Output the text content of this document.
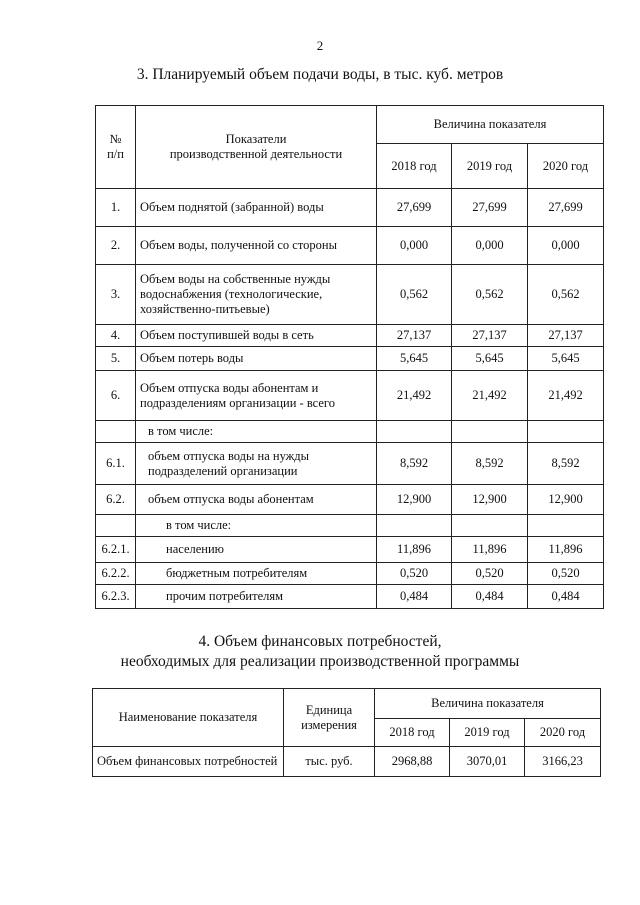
2
3. Планируемый объем подачи воды, в тыс. куб. метров
№
п/п	Показатели
производственной деятельности	Величина показателя		
		2018 год	2019 год	2020 год
1.	Объем поднятой (забранной) воды	27,699	27,699	27,699
2.	Объем воды, полученной со стороны	0,000	0,000	0,000
3.	Объем воды на собственные нужды водоснабжения (технологические, хозяйственно-питьевые)	0,562	0,562	0,562
4.	Объем поступившей воды в сеть	27,137	27,137	27,137
5.	Объем потерь воды	5,645	5,645	5,645
6.	Объем отпуска воды абонентам и подразделениям организации - всего	21,492	21,492	21,492
	в том числе:			
6.1.	объем отпуска воды на нужды подразделений организации	8,592	8,592	8,592
6.2.	объем отпуска воды абонентам	12,900	12,900	12,900
	в том числе:			
6.2.1.	населению	11,896	11,896	11,896
6.2.2.	бюджетным потребителям	0,520	0,520	0,520
6.2.3.	прочим потребителям	0,484	0,484	0,484
4. Объем финансовых потребностей,
необходимых для реализации производственной программы
Наименование показателя	Единица
измерения	Величина показателя		
		2018 год	2019 год	2020 год
Объем финансовых потребностей	тыс. руб.	2968,88	3070,01	3166,23
